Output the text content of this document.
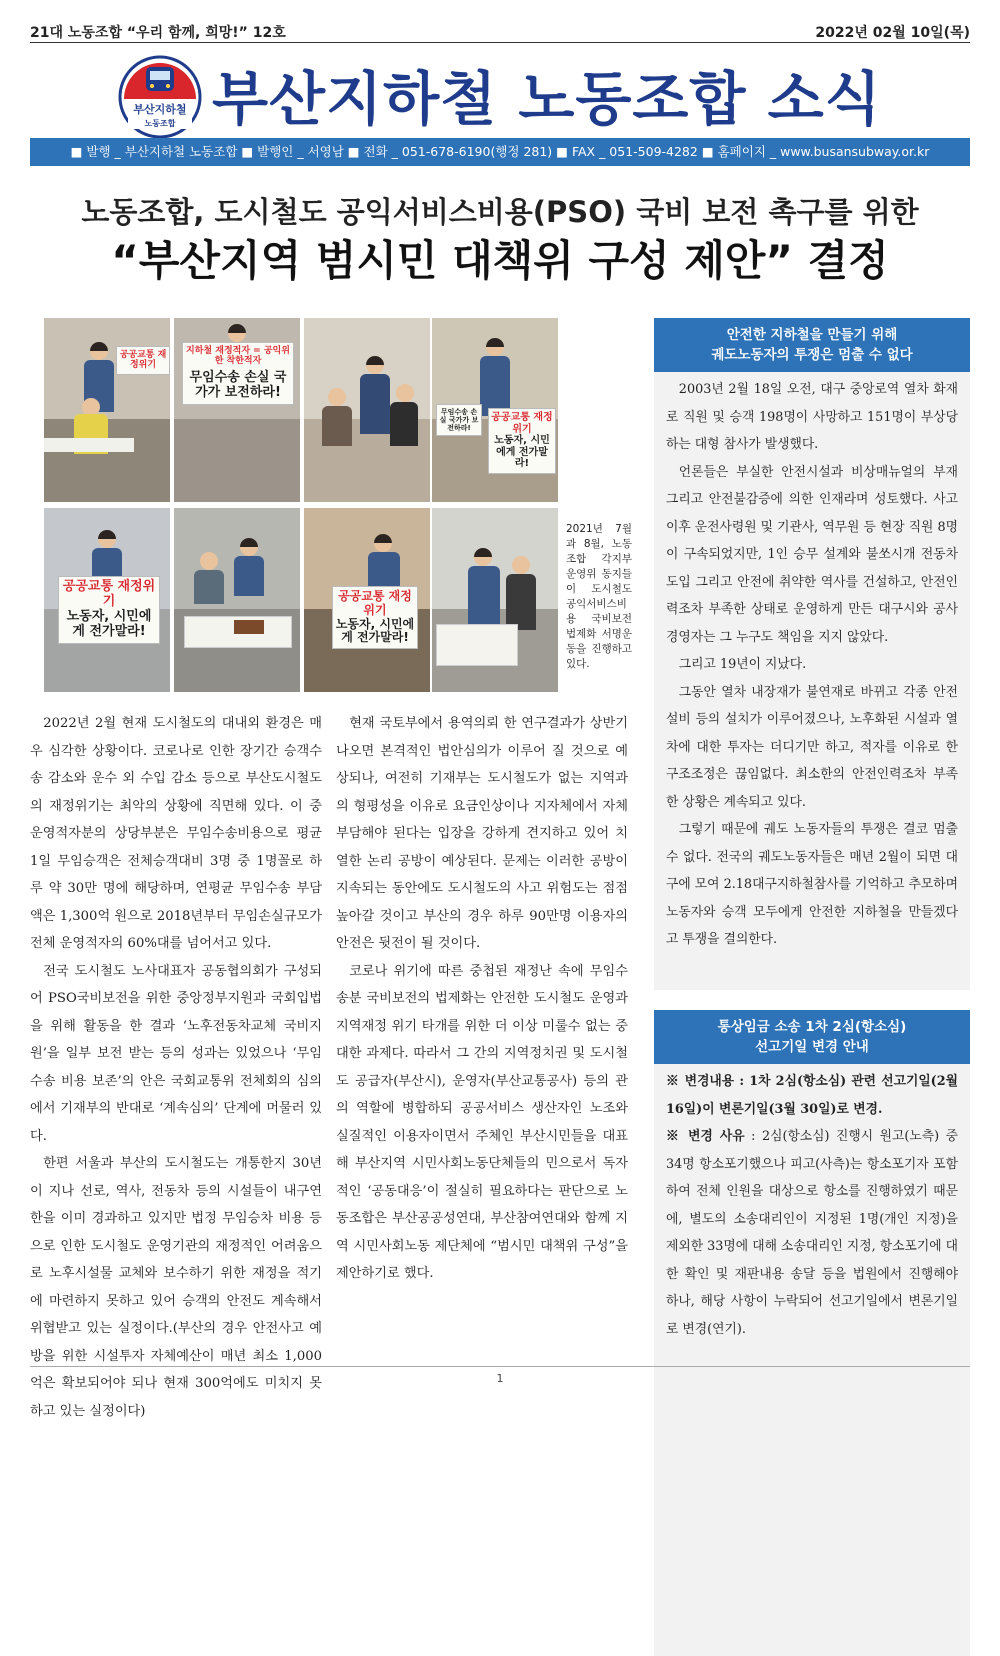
21대 노동조합 “우리 함께, 희망!” 12호	2022년 02월 10일(목)
부산지하철
노동조합 부산지하철 노동조합 소식
■ 발행 _ 부산지하철 노동조합 ■ 발행인 _ 서영남 ■ 전화 _ 051-678-6190(행정 281) ■ FAX _ 051-509-4282 ■ 홈페이지 _ www.busansubway.or.kr
노동조합, 도시철도 공익서비스비용(PSO) 국비 보전 촉구를 위한
“부산지역 범시민 대책위 구성 제안” 결정
공공교통 재정위기
지하철 재정적자 = 공익위한 착한적자
무임수송 손실 국가가 보전하라!
무임수송 손실 국가가 보전하라!
공공교통 재정위기
노동자, 시민에게 전가말라!
공공교통 재정위기
노동자, 시민에게 전가말라!
공공교통 재정위기
노동자, 시민에게 전가말라!
2021년 7월과 8월, 노동조합 각지부 운영위 동지들이 도시철도 공익서비스비용 국비보전 법제화 서명운동을 진행하고 있다.

2022년 2월 현재 도시철도의 대내외 환경은 매우 심각한 상황이다. 코로나로 인한 장기간 승객수송 감소와 운수 외 수입 감소 등으로 부산도시철도의 재정위기는 최악의 상황에 직면해 있다. 이 중 운영적자분의 상당부분은 무임수송비용으로 평균 1일 무임승객은 전체승객대비 3명 중 1명꼴로 하루 약 30만 명에 해당하며, 연평균 무임수송 부담액은 1,300억 원으로 2018년부터 무임손실규모가 전체 운영적자의 60%대를 넘어서고 있다.

전국 도시철도 노사대표자 공동협의회가 구성되어 PSO국비보전을 위한 중앙정부지원과 국회입법을 위해 활동을 한 결과 ‘노후전동차교체 국비지원’을 일부 보전 받는 등의 성과는 있었으나 ‘무임수송 비용 보존’의 안은 국회교통위 전체회의 심의에서 기재부의 반대로 ‘계속심의’ 단계에 머물러 있다.

한편 서울과 부산의 도시철도는 개통한지 30년이 지나 선로, 역사, 전동차 등의 시설들이 내구연한을 이미 경과하고 있지만 법정 무임승차 비용 등으로 인한 도시철도 운영기관의 재정적인 어려움으로 노후시설물 교체와 보수하기 위한 재정을 적기에 마련하지 못하고 있어 승객의 안전도 계속해서 위협받고 있는 실정이다.(부산의 경우 안전사고 예방을 위한 시설투자 자체예산이 매년 최소 1,000억은 확보되어야 되나 현재 300억에도 미치지 못하고 있는 실정이다)

현재 국토부에서 용역의뢰 한 연구결과가 상반기 나오면 본격적인 법안심의가 이루어 질 것으로 예상되나, 여전히 기재부는 도시철도가 없는 지역과의 형평성을 이유로 요금인상이나 지자체에서 자체 부담해야 된다는 입장을 강하게 견지하고 있어 치열한 논리 공방이 예상된다. 문제는 이러한 공방이 지속되는 동안에도 도시철도의 사고 위험도는 점점 높아갈 것이고 부산의 경우 하루 90만명 이용자의 안전은 뒷전이 될 것이다.

코로나 위기에 따른 중첩된 재정난 속에 무임수송분 국비보전의 법제화는 안전한 도시철도 운영과 지역재정 위기 타개를 위한 더 이상 미룰수 없는 중대한 과제다. 따라서 그 간의 지역정치권 및 도시철도 공급자(부산시), 운영자(부산교통공사) 등의 관의 역할에 병합하되 공공서비스 생산자인 노조와 실질적인 이용자이면서 주체인 부산시민들을 대표해 부산지역 시민사회노동단체들의 민으로서 독자적인 ‘공동대응’이 절실히 필요하다는 판단으로 노동조합은 부산공공성연대, 부산참여연대와 함께 지역 시민사회노동 제단체에 “범시민 대책위 구성”을 제안하기로 했다.

안전한 지하철을 만들기 위해
궤도노동자의 투쟁은 멈출 수 없다

2003년 2월 18일 오전, 대구 중앙로역 열차 화재로 직원 및 승객 198명이 사망하고 151명이 부상당하는 대형 참사가 발생했다.

언론들은 부실한 안전시설과 비상매뉴얼의 부재 그리고 안전불감증에 의한 인재라며 성토했다. 사고 이후 운전사령원 및 기관사, 역무원 등 현장 직원 8명이 구속되었지만, 1인 승무 설계와 불쏘시개 전동차 도입 그리고 안전에 취약한 역사를 건설하고, 안전인력조차 부족한 상태로 운영하게 만든 대구시와 공사 경영자는 그 누구도 책임을 지지 않았다.

그리고 19년이 지났다.

그동안 열차 내장재가 불연재로 바뀌고 각종 안전 설비 등의 설치가 이루어졌으나, 노후화된 시설과 열차에 대한 투자는 더디기만 하고, 적자를 이유로 한 구조조정은 끊임없다. 최소한의 안전인력조차 부족한 상황은 계속되고 있다.

그렇기 때문에 궤도 노동자들의 투쟁은 결코 멈출 수 없다. 전국의 궤도노동자들은 매년 2월이 되면 대구에 모여 2.18대구지하철참사를 기억하고 추모하며 노동자와 승객 모두에게 안전한 지하철을 만들겠다고 투쟁을 결의한다.

통상임금 소송 1차 2심(항소심)
선고기일 변경 안내

※ 변경내용 : 1차 2심(항소심) 관련 선고기일(2월 16일)이 변론기일(3월 30일)로 변경.

※ 변경 사유 : 2심(항소심) 진행시 원고(노측) 중 34명 항소포기했으나 피고(사측)는 항소포기자 포함하여 전체 인원을 대상으로 항소를 진행하였기 때문에, 별도의 소송대리인이 지정된 1명(개인 지정)을 제외한 33명에 대해 소송대리인 지정, 항소포기에 대한 확인 및 재판내용 송달 등을 법원에서 진행해야 하나, 해당 사항이 누락되어 선고기일에서 변론기일로 변경(연기).

1
